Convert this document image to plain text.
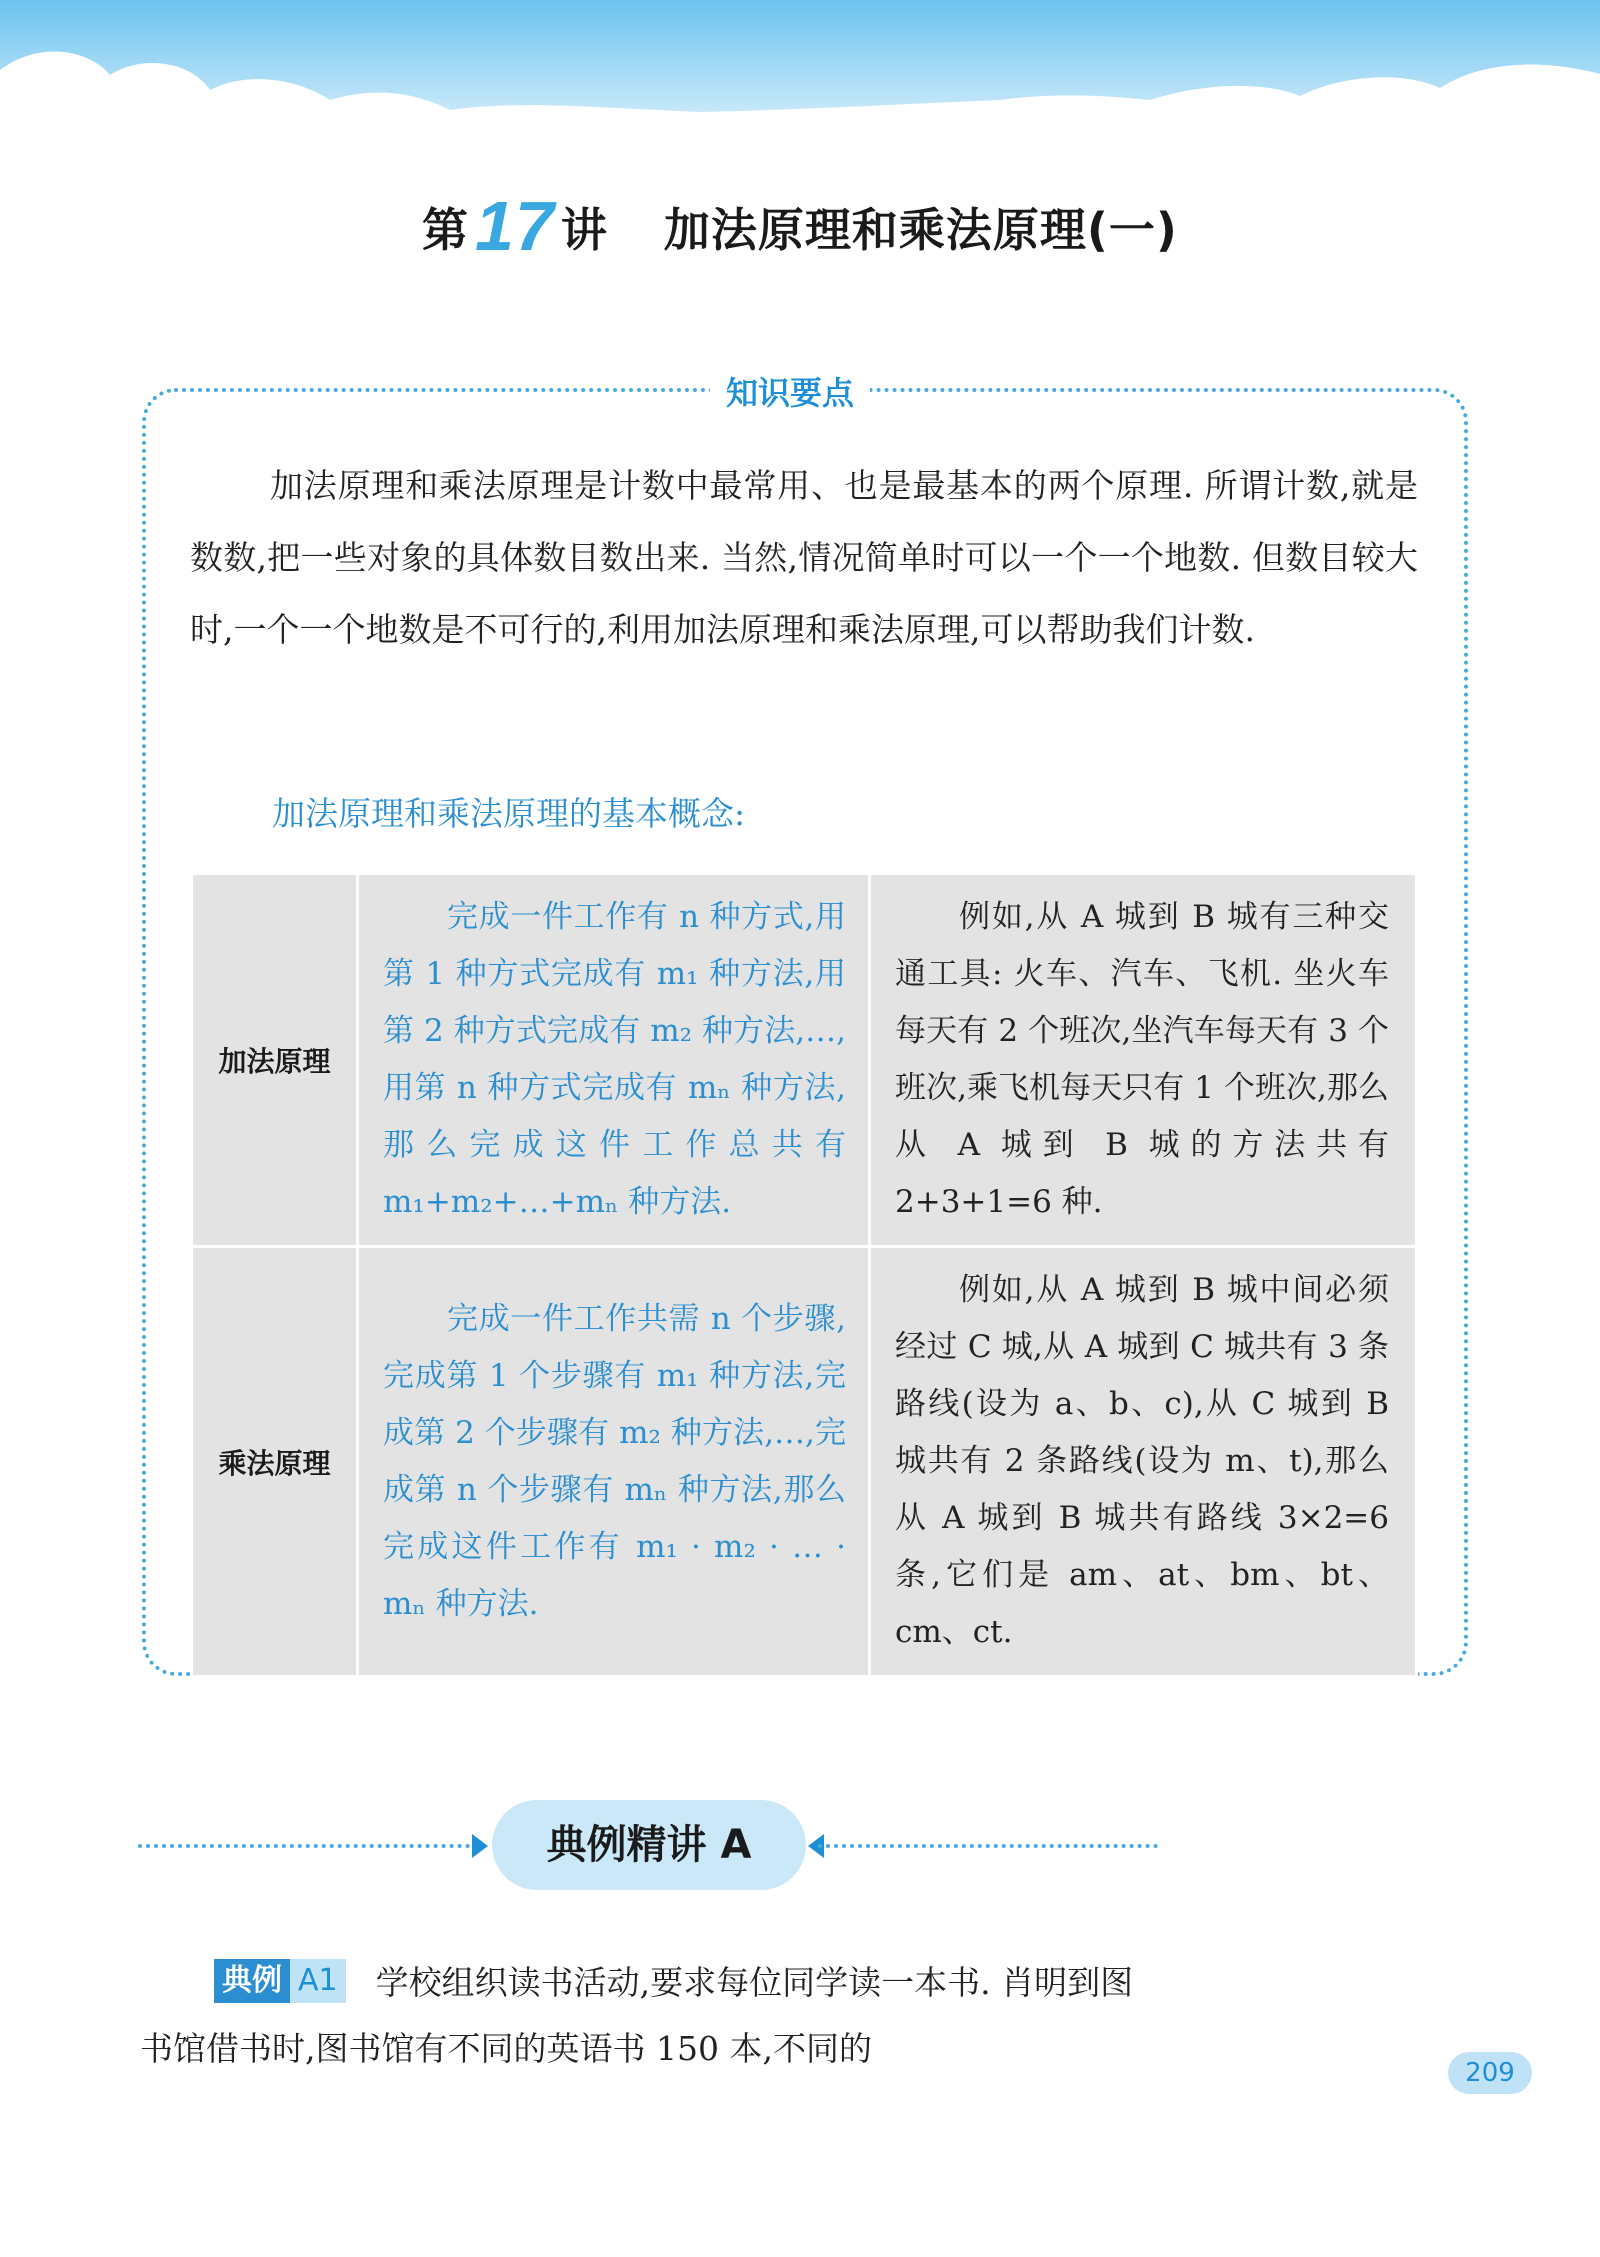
第17 讲 加法原理和乘法原理(一)
知识要点

加法原理和乘法原理是计数中最常用、也是最基本的两个原理. 所谓计数,就是数数,把一些对象的具体数目数出来. 当然,情况简单时可以一个一个地数. 但数目较大时,一个一个地数是不可行的,利用加法原理和乘法原理,可以帮助我们计数.

加法原理和乘法原理的基本概念:
加法原理	完成一件工作有 n 种方式,用第 1 种方式完成有 m₁ 种方法,用第 2 种方式完成有 m₂ 种方法,…,用第 n 种方式完成有 mₙ 种方法,那么完成这件工作总共有 m₁+m₂+…+mₙ 种方法.	例如,从 A 城到 B 城有三种交通工具: 火车、汽车、飞机. 坐火车每天有 2 个班次,坐汽车每天有 3 个班次,乘飞机每天只有 1 个班次,那么从 A 城到 B 城的方法共有 2+3+1=6 种.

乘法原理	完成一件工作共需 n 个步骤,完成第 1 个步骤有 m₁ 种方法,完成第 2 个步骤有 m₂ 种方法,…,完成第 n 个步骤有 mₙ 种方法,那么完成这件工作有 m₁ · m₂ · … · mₙ 种方法.	例如,从 A 城到 B 城中间必须经过 C 城,从 A 城到 C 城共有 3 条路线(设为 a、b、c),从 C 城到 B 城共有 2 条路线(设为 m、t),那么从 A 城到 B 城共有路线 3×2=6 条,它们是 am、at、bm、bt、cm、ct.

典例精讲 A
典例 A1 学校组织读书活动,要求每位同学读一本书. 肖明到图书馆借书时,图书馆有不同的英语书 150 本,不同的
209
